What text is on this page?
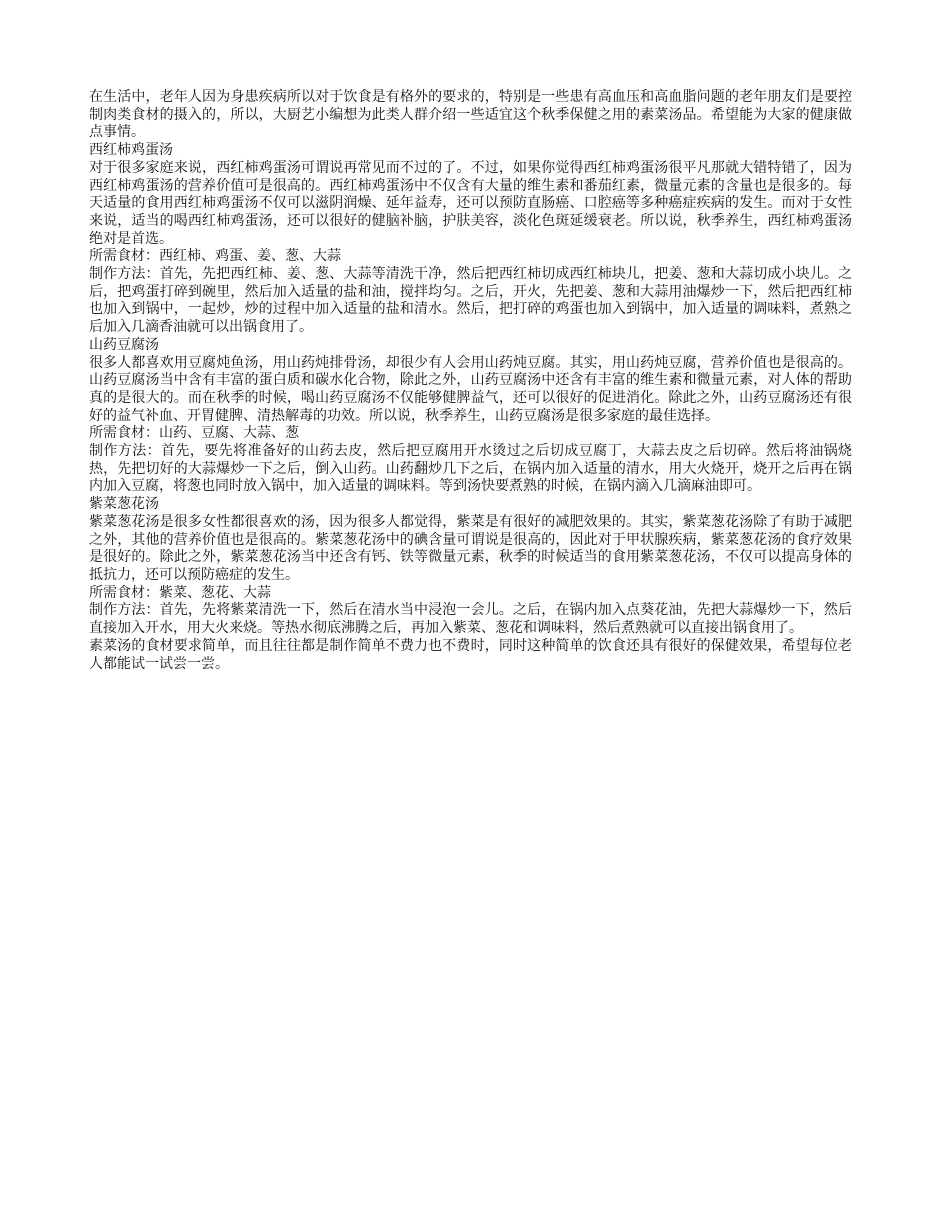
在生活中，老年人因为身患疾病所以对于饮食是有格外的要求的，特别是一些患有高血压和高血脂问题的老年朋友们是要控制肉类食材的摄入的，所以，大厨艺小编想为此类人群介绍一些适宜这个秋季保健之用的素菜汤品。希望能为大家的健康做点事情。

西红柿鸡蛋汤

对于很多家庭来说，西红柿鸡蛋汤可谓说再常见而不过的了。不过，如果你觉得西红柿鸡蛋汤很平凡那就大错特错了，因为西红柿鸡蛋汤的营养价值可是很高的。西红柿鸡蛋汤中不仅含有大量的维生素和番茄红素，微量元素的含量也是很多的。每天适量的食用西红柿鸡蛋汤不仅可以滋阴润燥、延年益寿，还可以预防直肠癌、口腔癌等多种癌症疾病的发生。而对于女性来说，适当的喝西红柿鸡蛋汤，还可以很好的健脑补脑，护肤美容，淡化色斑延缓衰老。所以说，秋季养生，西红柿鸡蛋汤绝对是首选。

所需食材：西红柿、鸡蛋、姜、葱、大蒜

制作方法：首先，先把西红柿、姜、葱、大蒜等清洗干净，然后把西红柿切成西红柿块儿，把姜、葱和大蒜切成小块儿。之后，把鸡蛋打碎到碗里，然后加入适量的盐和油，搅拌均匀。之后，开火，先把姜、葱和大蒜用油爆炒一下，然后把西红柿也加入到锅中，一起炒，炒的过程中加入适量的盐和清水。然后，把打碎的鸡蛋也加入到锅中，加入适量的调味料，煮熟之后加入几滴香油就可以出锅食用了。

山药豆腐汤

很多人都喜欢用豆腐炖鱼汤，用山药炖排骨汤，却很少有人会用山药炖豆腐。其实，用山药炖豆腐，营养价值也是很高的。山药豆腐汤当中含有丰富的蛋白质和碳水化合物，除此之外，山药豆腐汤中还含有丰富的维生素和微量元素，对人体的帮助真的是很大的。而在秋季的时候，喝山药豆腐汤不仅能够健脾益气，还可以很好的促进消化。除此之外，山药豆腐汤还有很好的益气补血、开胃健脾、清热解毒的功效。所以说，秋季养生，山药豆腐汤是很多家庭的最佳选择。

所需食材：山药、豆腐、大蒜、葱

制作方法：首先，要先将准备好的山药去皮，然后把豆腐用开水烫过之后切成豆腐丁，大蒜去皮之后切碎。然后将油锅烧热，先把切好的大蒜爆炒一下之后，倒入山药。山药翻炒几下之后，在锅内加入适量的清水，用大火烧开，烧开之后再在锅内加入豆腐，将葱也同时放入锅中，加入适量的调味料。等到汤快要煮熟的时候，在锅内滴入几滴麻油即可。

紫菜葱花汤

紫菜葱花汤是很多女性都很喜欢的汤，因为很多人都觉得，紫菜是有很好的减肥效果的。其实，紫菜葱花汤除了有助于减肥之外，其他的营养价值也是很高的。紫菜葱花汤中的碘含量可谓说是很高的，因此对于甲状腺疾病，紫菜葱花汤的食疗效果是很好的。除此之外，紫菜葱花汤当中还含有钙、铁等微量元素，秋季的时候适当的食用紫菜葱花汤，不仅可以提高身体的抵抗力，还可以预防癌症的发生。

所需食材：紫菜、葱花、大蒜

制作方法：首先，先将紫菜清洗一下，然后在清水当中浸泡一会儿。之后，在锅内加入点葵花油，先把大蒜爆炒一下，然后直接加入开水，用大火来烧。等热水彻底沸腾之后，再加入紫菜、葱花和调味料，然后煮熟就可以直接出锅食用了。

素菜汤的食材要求简单，而且往往都是制作简单不费力也不费时，同时这种简单的饮食还具有很好的保健效果，希望每位老人都能试一试尝一尝。
